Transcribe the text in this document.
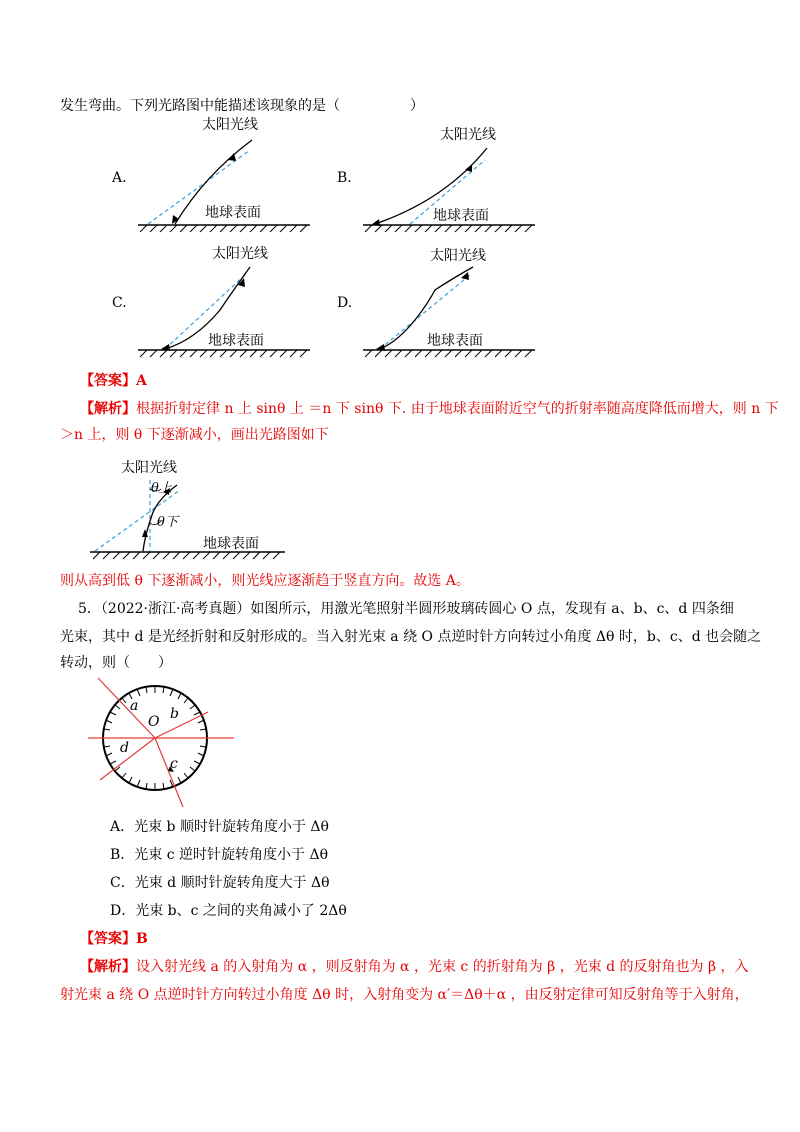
发生弯曲。下列光路图中能描述该现象的是（　　　　　）
A.
太阳光线
地球表面
B.
太阳光线
地球表面
C.
太阳光线
地球表面
D.
太阳光线
地球表面
【答案】A
【解析】根据折射定律 n 上 sinθ 上 ＝n 下 sinθ 下. 由于地球表面附近空气的折射率随高度降低而增大，则 n 下
＞n 上，则 θ 下逐渐减小，画出光路图如下
太阳光线
θ上
θ下
地球表面
则从高到低 θ 下逐渐减小，则光线应逐渐趋于竖直方向。故选 A。
5．（2022·浙江·高考真题）如图所示，用激光笔照射半圆形玻璃砖圆心 O 点，发现有 a、b、c、d 四条细
光束，其中 d 是光经折射和反射形成的。当入射光束 a 绕 O 点逆时针方向转过小角度 Δθ 时，b、c、d 也会随之
转动，则（　　）
a b
c
d
O
A．光束 b 顺时针旋转角度小于 Δθ
B．光束 c 逆时针旋转角度小于 Δθ
C．光束 d 顺时针旋转角度大于 Δθ
D．光束 b、c 之间的夹角减小了 2Δθ
【答案】B
【解析】设入射光线 a 的入射角为 α ，则反射角为 α ，光束 c 的折射角为 β ，光束 d 的反射角也为 β ，入
射光束 a 绕 O 点逆时针方向转过小角度 Δθ 时，入射角变为 α′＝Δθ＋α ，由反射定律可知反射角等于入射角，
